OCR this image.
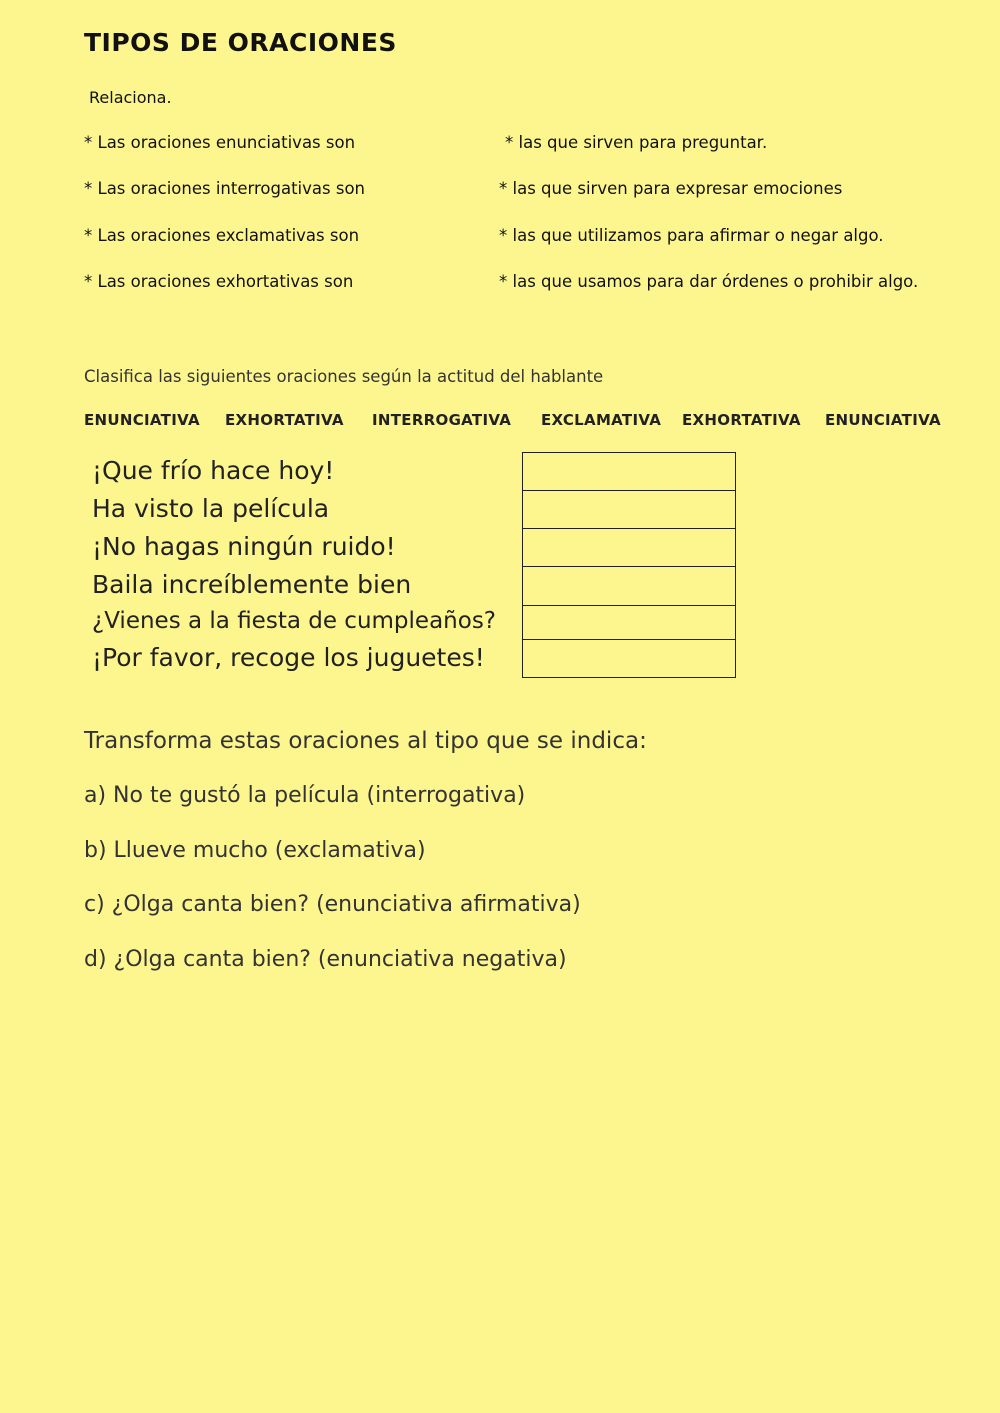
TIPOS DE ORACIONES
Relaciona.
* Las oraciones enunciativas son
* Las oraciones interrogativas son
* Las oraciones exclamativas son
* Las oraciones exhortativas son
* las que sirven para preguntar.
* las que sirven para expresar emociones
* las que utilizamos para afirmar o negar algo.
* las que usamos para dar órdenes o prohibir algo.
Clasifica las siguientes oraciones según la actitud del hablante
ENUNCIATIVA EXHORTATIVA INTERROGATIVA EXCLAMATIVA EXHORTATIVA ENUNCIATIVA
¡Que frío hace hoy!
Ha visto la película
¡No hagas ningún ruido!
Baila increíblemente bien
¿Vienes a la fiesta de cumpleaños?
¡Por favor, recoge los juguetes!
Transforma estas oraciones al tipo que se indica:
a) No te gustó la película (interrogativa)
b) Llueve mucho (exclamativa)
c) ¿Olga canta bien? (enunciativa afirmativa)
d) ¿Olga canta bien? (enunciativa negativa)
